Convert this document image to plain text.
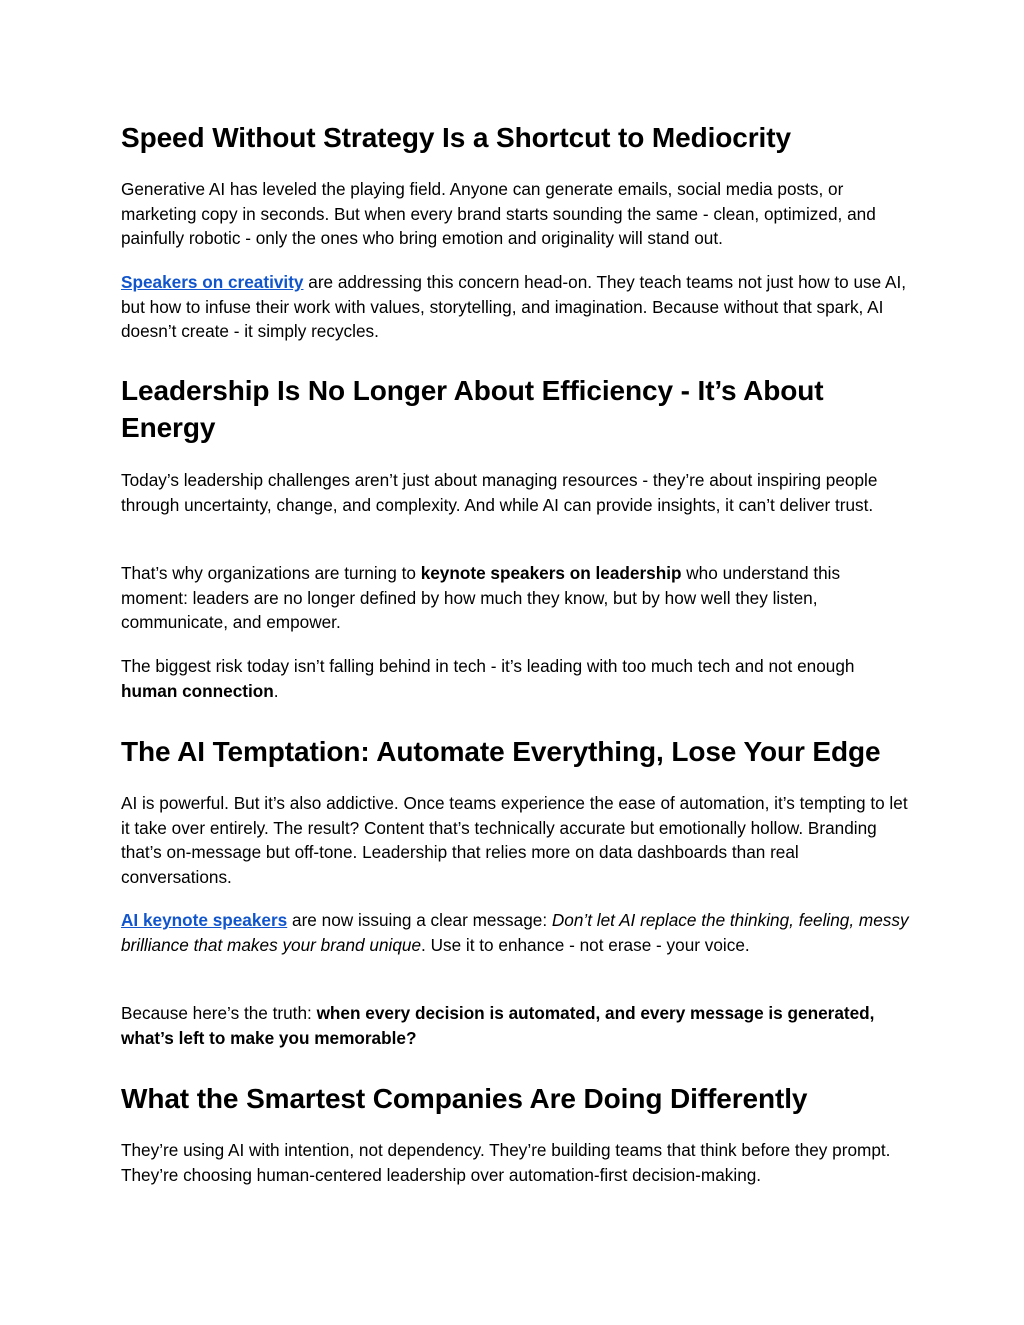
Speed Without Strategy Is a Shortcut to Mediocrity

Generative AI has leveled the playing field. Anyone can generate emails, social media posts, or marketing copy in seconds. But when every brand starts sounding the same - clean, optimized, and painfully robotic - only the ones who bring emotion and originality will stand out.

Speakers on creativity are addressing this concern head-on. They teach teams not just how to use AI, but how to infuse their work with values, storytelling, and imagination. Because without that spark, AI doesn’t create - it simply recycles.

Leadership Is No Longer About Efficiency - It’s About Energy

Today’s leadership challenges aren’t just about managing resources - they’re about inspiring people through uncertainty, change, and complexity. And while AI can provide insights, it can’t deliver trust.

That’s why organizations are turning to keynote speakers on leadership who understand this moment: leaders are no longer defined by how much they know, but by how well they listen, communicate, and empower.

The biggest risk today isn’t falling behind in tech - it’s leading with too much tech and not enough human connection.

The AI Temptation: Automate Everything, Lose Your Edge

AI is powerful. But it’s also addictive. Once teams experience the ease of automation, it’s tempting to let it take over entirely. The result? Content that’s technically accurate but emotionally hollow. Branding that’s on-message but off-tone. Leadership that relies more on data dashboards than real conversations.

AI keynote speakers are now issuing a clear message: Don’t let AI replace the thinking, feeling, messy brilliance that makes your brand unique. Use it to enhance - not erase - your voice.

Because here’s the truth: when every decision is automated, and every message is generated, what’s left to make you memorable?

What the Smartest Companies Are Doing Differently

They’re using AI with intention, not dependency. They’re building teams that think before they prompt. They’re choosing human-centered leadership over automation-first decision-making.
